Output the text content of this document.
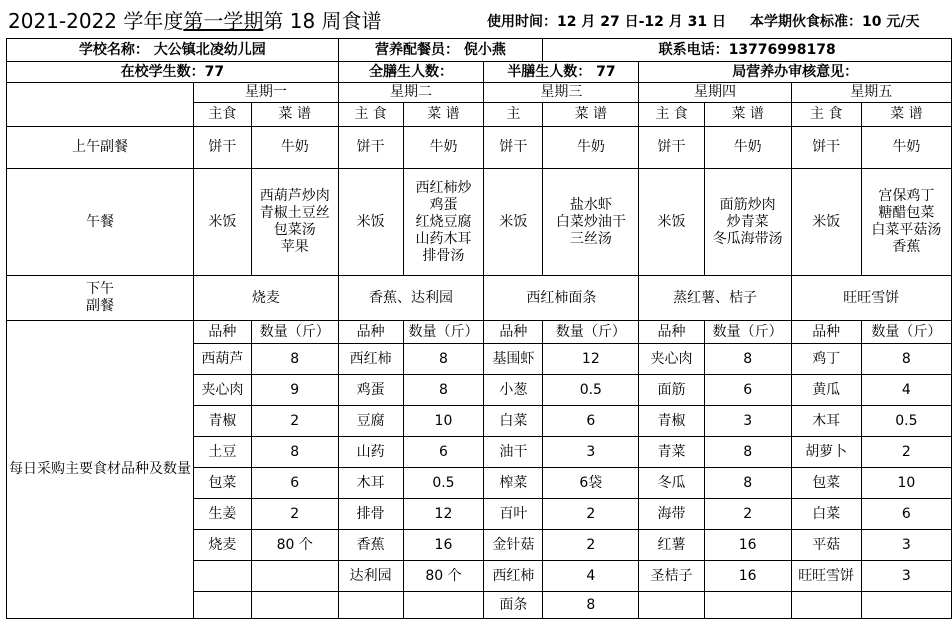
2021-2022 学年度第一学期第 18 周食谱	使用时间：12 月 27 日-12 月 31 日 本学期伙食标准：10 元/天
学校名称： 大公镇北凌幼儿园			营养配餐员： 倪小燕			联系电话：13776998178				
在校学生数：77			全膳生人数：		半膳生人数： 77		局营养办审核意见：			
	星期一		星期二		星期三		星期四		星期五	
	主食	菜 谱	主 食	菜 谱	主	菜 谱	主 食	菜 谱	主 食	菜 谱
上午副餐	饼干	牛奶	饼干	牛奶	饼干	牛奶	饼干	牛奶	饼干	牛奶
午餐	米饭	西葫芦炒肉
青椒土豆丝
包菜汤
苹果	米饭	西红柿炒
鸡蛋
红烧豆腐
山药木耳
排骨汤	米饭	盐水虾
白菜炒油干
三丝汤	米饭	面筋炒肉
炒青菜
冬瓜海带汤	米饭	宫保鸡丁
糖醋包菜
白菜平菇汤
香蕉
下午
副餐	烧麦		香蕉、达利园		西红柿面条		蒸红薯、桔子		旺旺雪饼	
每日采购主要食材品种及数量	品种	数量（斤）	品种	数量（斤）	品种	数量（斤）	品种	数量（斤）	品种	数量（斤）
	西葫芦	8	西红柿	8	基围虾	12	夹心肉	8	鸡丁	8
	夹心肉	9	鸡蛋	8	小葱	0.5	面筋	6	黄瓜	4
	青椒	2	豆腐	10	白菜	6	青椒	3	木耳	0.5
	土豆	8	山药	6	油干	3	青菜	8	胡萝卜	2
	包菜	6	木耳	0.5	榨菜	6袋	冬瓜	8	包菜	10
	生姜	2	排骨	12	百叶	2	海带	2	白菜	6
	烧麦	80 个	香蕉	16	金针菇	2	红薯	16	平菇	3
			达利园	80 个	西红柿	4	圣桔子	16	旺旺雪饼	3
					面条	8				
